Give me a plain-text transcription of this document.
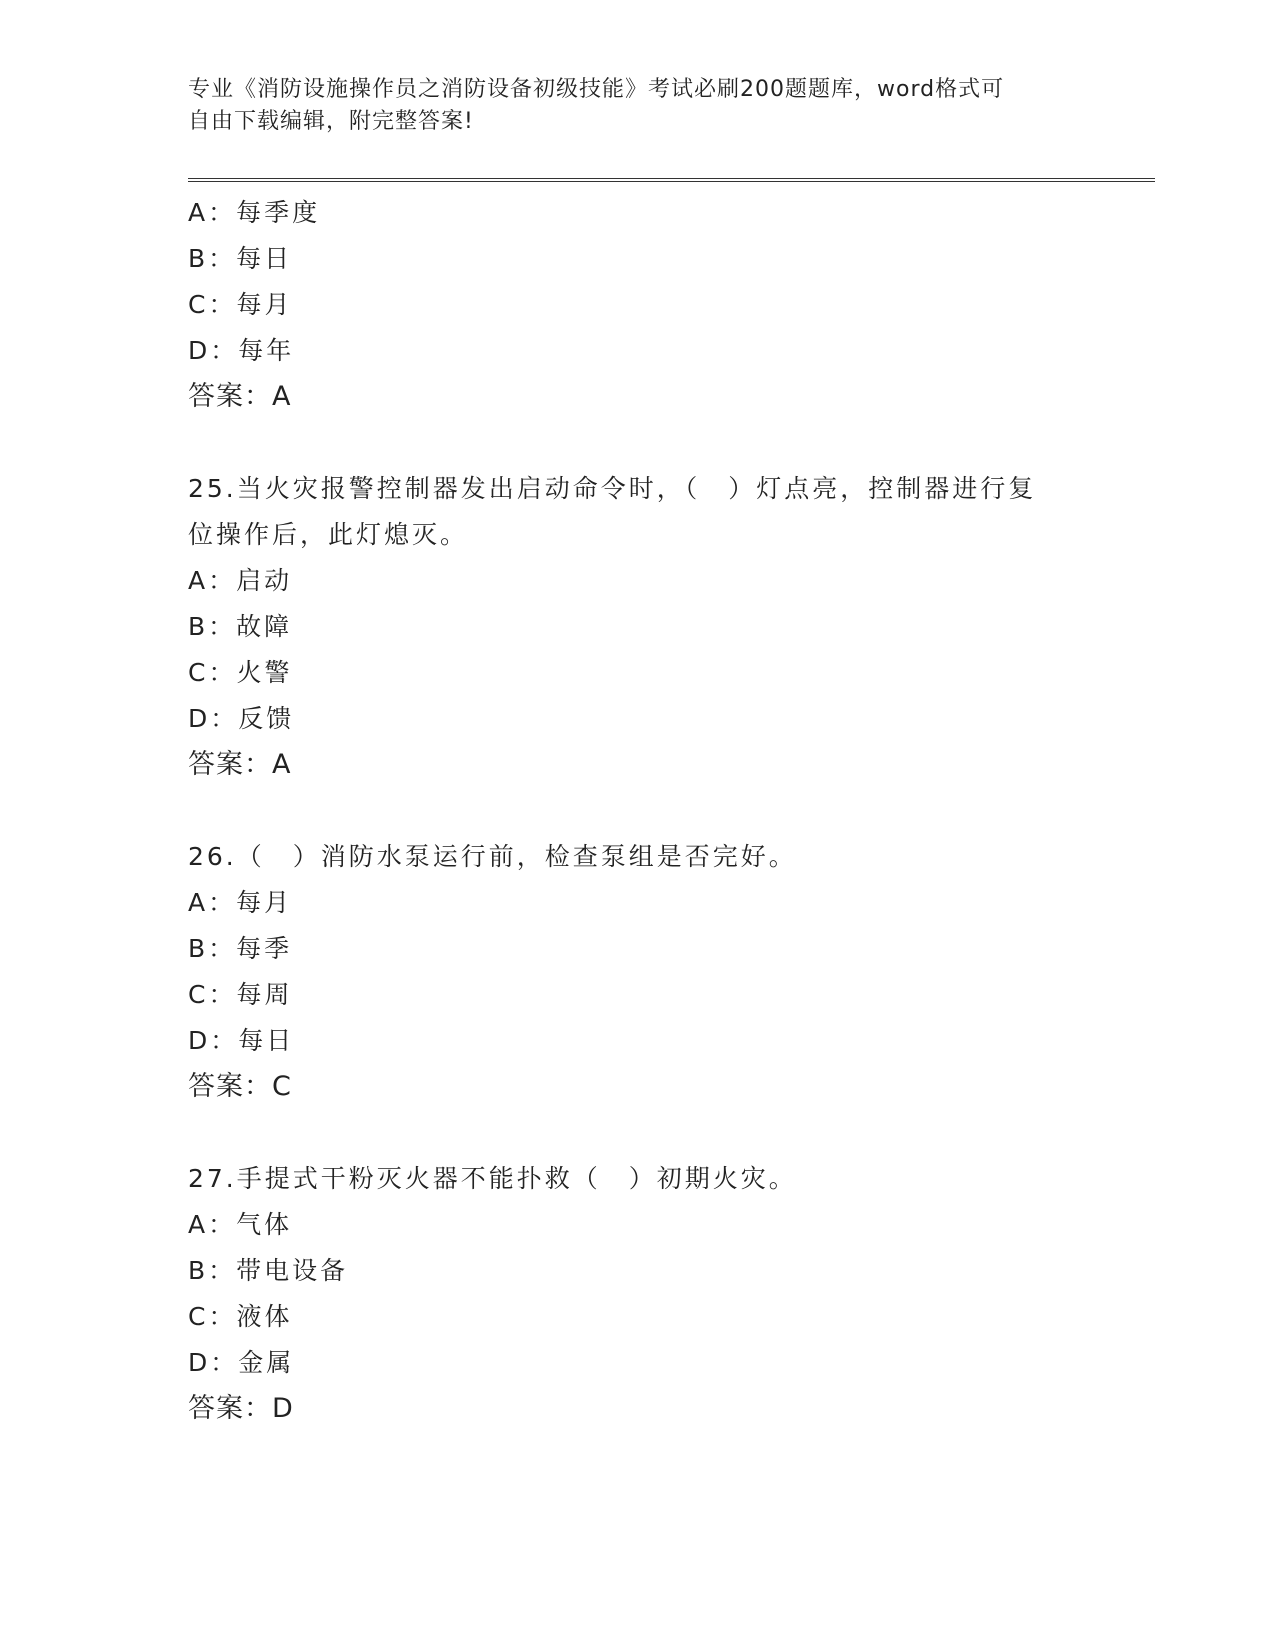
专业《消防设施操作员之消防设备初级技能》考试必刷200题题库，word格式可
自由下载编辑，附完整答案!
A：每季度
B：每日
C：每月
D：每年
答案：A
25.当火灾报警控制器发出启动命令时，（　）灯点亮，控制器进行复
位操作后，此灯熄灭。
A：启动
B：故障
C：火警
D：反馈
答案：A
26.（　）消防水泵运行前，检查泵组是否完好。
A：每月
B：每季
C：每周
D：每日
答案：C
27.手提式干粉灭火器不能扑救（　）初期火灾。
A：气体
B：带电设备
C：液体
D：金属
答案：D
